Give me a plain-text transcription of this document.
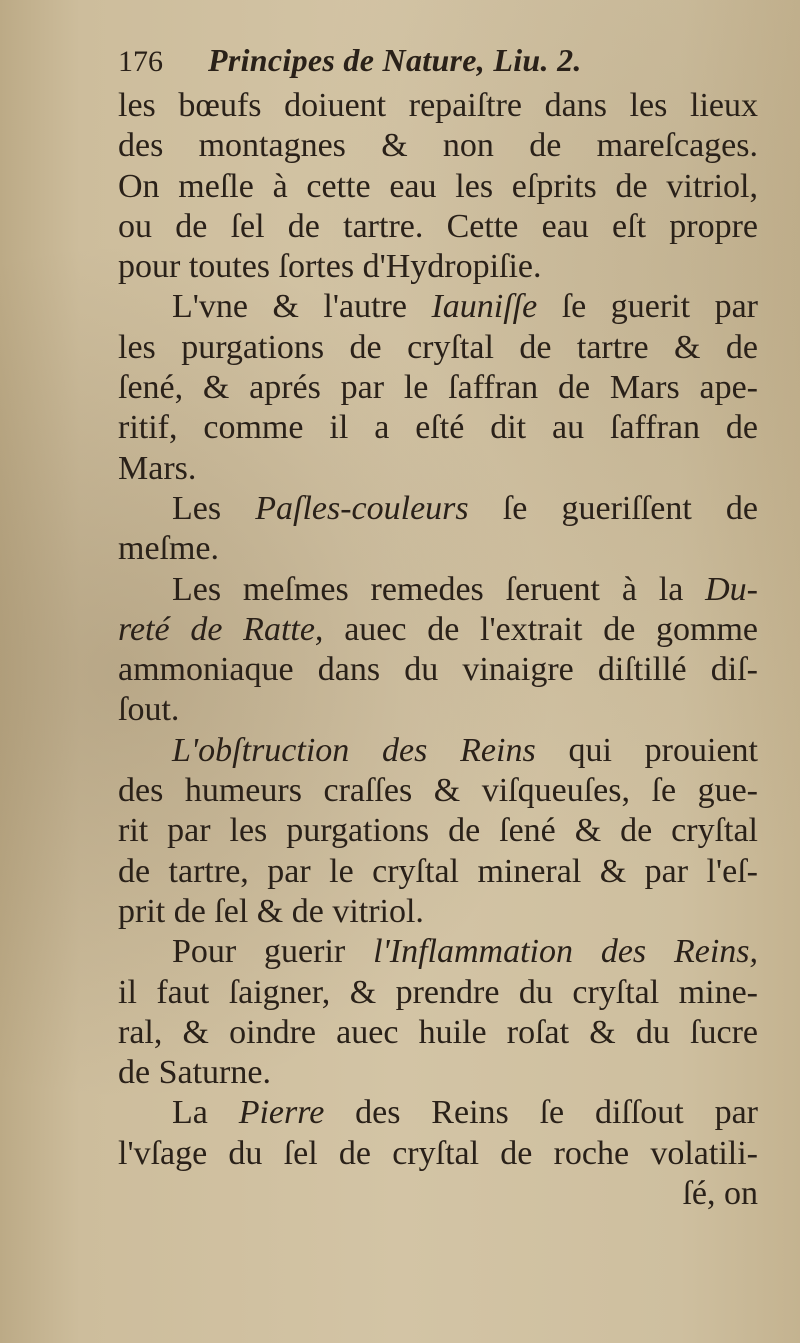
176 Principes de Nature, Liu. 2.
les bœufs doiuent repaiſtre dans les lieux
des montagnes & non de mareſcages.
On meſle à cette eau les eſprits de vitriol,
ou de ſel de tartre. Cette eau eſt propre
pour toutes ſortes d'Hydropiſie.
L'vne & l'autre Iauniſſe ſe guerit par
les purgations de cryſtal de tartre & de
ſené, & aprés par le ſaffran de Mars ape-
ritif, comme il a eſté dit au ſaffran de
Mars.
Les Paſles-couleurs ſe gueriſſent de
meſme.
Les meſmes remedes ſeruent à la Du-
reté de Ratte, auec de l'extrait de gomme
ammoniaque dans du vinaigre diſtillé diſ-
ſout.
L'obſtruction des Reins qui prouient
des humeurs craſſes & viſqueuſes, ſe gue-
rit par les purgations de ſené & de cryſtal
de tartre, par le cryſtal mineral & par l'eſ-
prit de ſel & de vitriol.
Pour guerir l'Inflammation des Reins,
il faut ſaigner, & prendre du cryſtal mine-
ral, & oindre auec huile roſat & du ſucre
de Saturne.
La Pierre des Reins ſe diſſout par
l'vſage du ſel de cryſtal de roche volatili-
ſé, on
